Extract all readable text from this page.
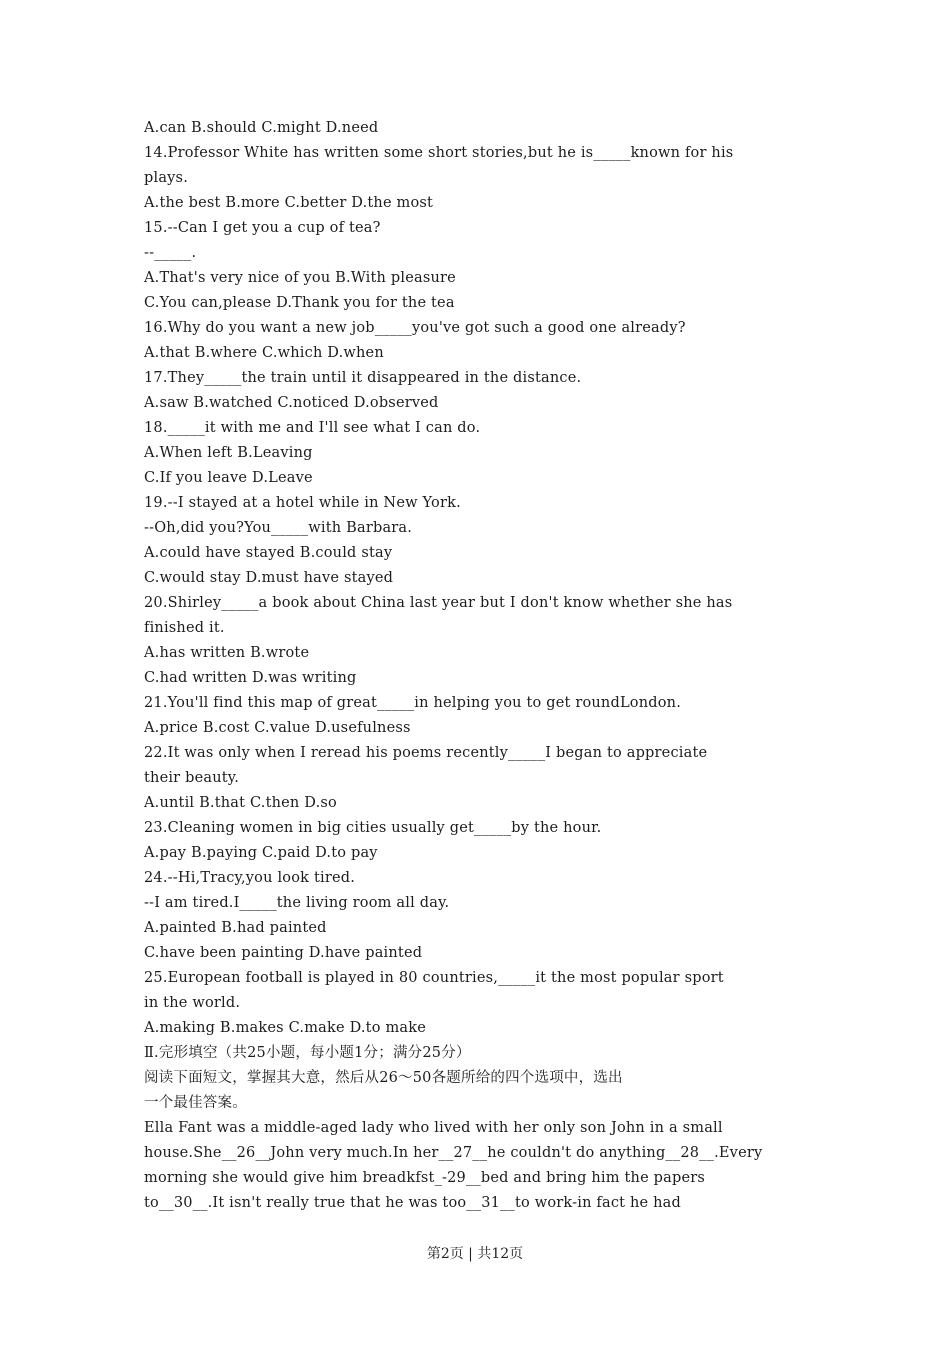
A.can B.should C.might D.need
14.Professor White has written some short stories,but he is_____known for his
plays.
A.the best B.more C.better D.the most
15.--Can I get you a cup of tea?
--_____.
A.That's very nice of you B.With pleasure
C.You can,please D.Thank you for the tea
16.Why do you want a new job_____you've got such a good one already?
A.that B.where C.which D.when
17.They_____the train until it disappeared in the distance.
A.saw B.watched C.noticed D.observed
18._____it with me and I'll see what I can do.
A.When left B.Leaving
C.If you leave D.Leave
19.--I stayed at a hotel while in New York.
--Oh,did you?You_____with Barbara.
A.could have stayed B.could stay
C.would stay D.must have stayed
20.Shirley_____a book about China last year but I don't know whether she has
finished it.
A.has written B.wrote
C.had written D.was writing
21.You'll find this map of great_____in helping you to get roundLondon.
A.price B.cost C.value D.usefulness
22.It was only when I reread his poems recently_____I began to appreciate
their beauty.
A.until B.that C.then D.so
23.Cleaning women in big cities usually get_____by the hour.
A.pay B.paying C.paid D.to pay
24.--Hi,Tracy,you look tired.
--I am tired.I_____the living room all day.
A.painted B.had painted
C.have been painting D.have painted
25.European football is played in 80 countries,_____it the most popular sport
in the world.
A.making B.makes C.make D.to make
Ⅱ.完形填空（共25小题，每小题1分；满分25分）
阅读下面短文，掌握其大意，然后从26～50各题所给的四个选项中，选出
一个最佳答案。
Ella Fant was a middle-aged lady who lived with her only son John in a small
house.She__26__John very much.In her__27__he couldn't do anything__28__.Every
morning she would give him breadkfst_-29__bed and bring him the papers
to__30__.It isn't really true that he was too__31__to work-in fact he had
第2页 | 共12页
